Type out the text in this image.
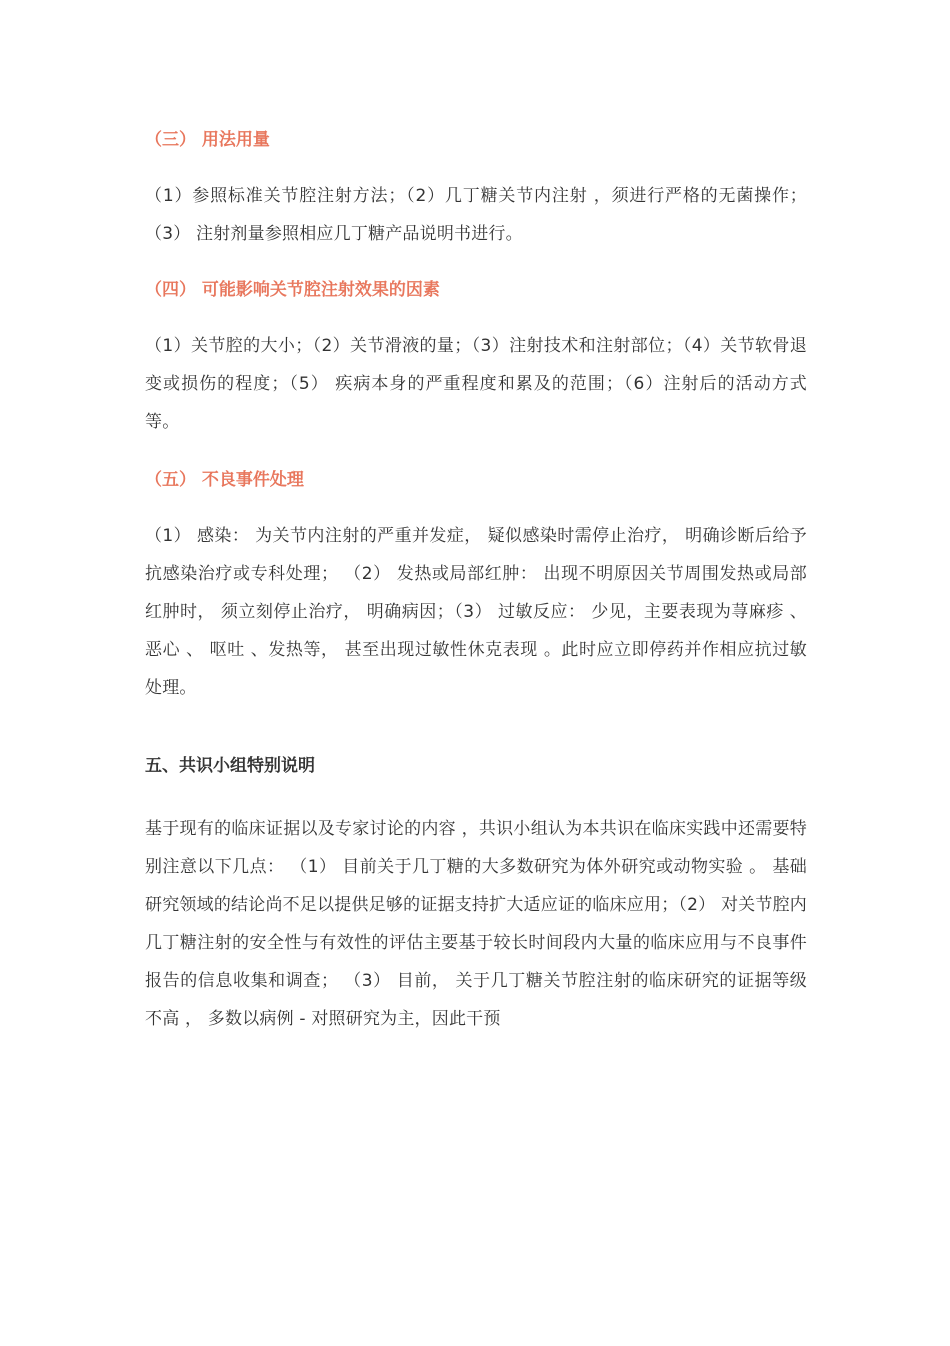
（三） 用法用量

（1）参照标准关节腔注射方法；（2）几丁糖关节内注射 ，须进行严格的无菌操作； （3） 注射剂量参照相应几丁糖产品说明书进行。

（四） 可能影响关节腔注射效果的因素

（1）关节腔的大小；（2）关节滑液的量；（3）注射技术和注射部位；（4）关节软骨退变或损伤的程度；（5） 疾病本身的严重程度和累及的范围；（6）注射后的活动方式等。

（五） 不良事件处理

（1） 感染： 为关节内注射的严重并发症， 疑似感染时需停止治疗， 明确诊断后给予抗感染治疗或专科处理； （2） 发热或局部红肿： 出现不明原因关节周围发热或局部红肿时， 须立刻停止治疗， 明确病因；（3） 过敏反应： 少见，主要表现为荨麻疹 、恶心 、 呕吐 、发热等， 甚至出现过敏性休克表现 。此时应立即停药并作相应抗过敏处理。

五、共识小组特别说明

基于现有的临床证据以及专家讨论的内容 ，共识小组认为本共识在临床实践中还需要特别注意以下几点： （1） 目前关于几丁糖的大多数研究为体外研究或动物实验 。 基础研究领域的结论尚不足以提供足够的证据支持扩大适应证的临床应用；（2） 对关节腔内几丁糖注射的安全性与有效性的评估主要基于较长时间段内大量的临床应用与不良事件报告的信息收集和调查； （3） 目前， 关于几丁糖关节腔注射的临床研究的证据等级不高 ， 多数以病例 - 对照研究为主，因此干预
